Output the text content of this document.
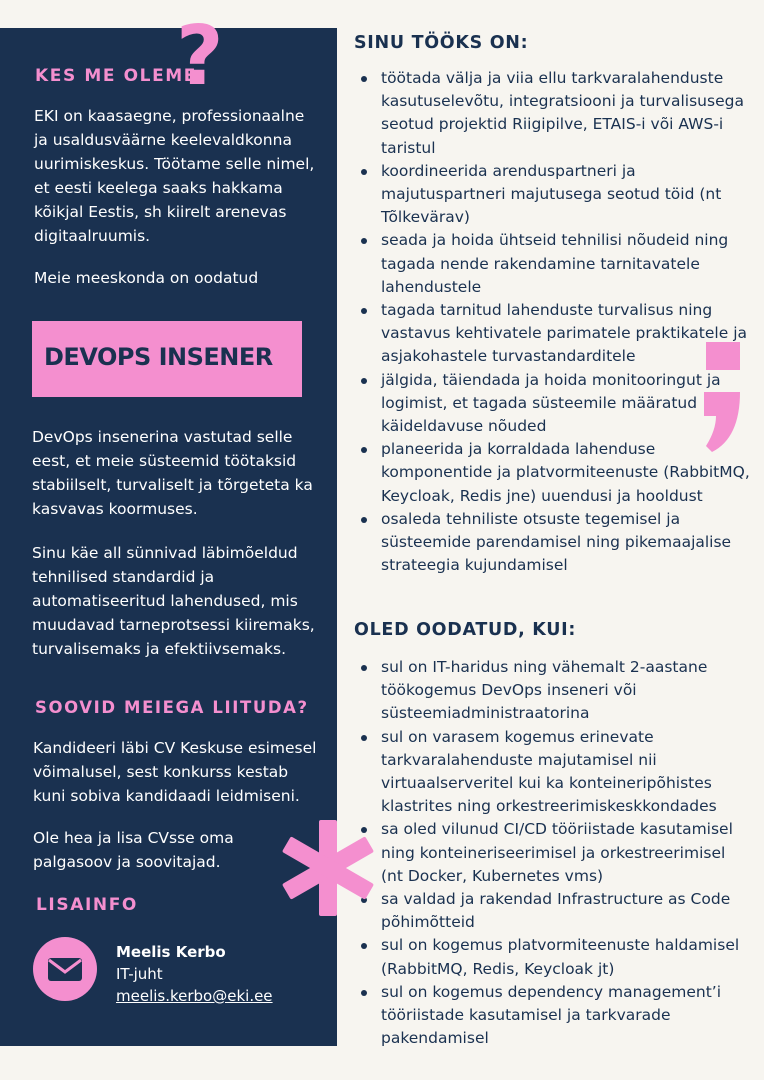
KES ME OLEME
?
EKI on kaasaegne, professionaalne ja usaldusväärne keelevaldkonna uurimiskeskus. Töötame selle nimel, et eesti keelega saaks hakkama kõikjal Eestis, sh kiirelt arenevas digitaalruumis.
Meie meeskonda on oodatud
DEVOPS INSENER
DevOps insenerina vastutad selle eest, et meie süsteemid töötaksid stabiilselt, turvaliselt ja tõrgeteta ka kasvavas koormuses.
Sinu käe all sünnivad läbimõeldud tehnilised standardid ja automatiseeritud lahendused, mis muudavad tarneprotsessi kiiremaks, turvalisemaks ja efektiivsemaks.
SOOVID MEIEGA LIITUDA?
Kandideeri läbi CV Keskuse esimesel võimalusel, sest konkurss kestab kuni sobiva kandidaadi leidmiseni.
Ole hea ja lisa CVsse oma palgasoov ja soovitajad.
LISAINFO
Meelis Kerbo
IT-juht
meelis.kerbo@eki.ee
SINU TÖÖKS ON:
töötada välja ja viia ellu tarkvaralahenduste kasutuselevõtu, integratsiooni ja turvalisusega seotud projektid Riigipilve, ETAIS-i või AWS-i taristul
koordineerida arenduspartneri ja majutuspartneri majutusega seotud töid (nt Tõlkevärav)
seada ja hoida ühtseid tehnilisi nõudeid ning tagada nende rakendamine tarnitavatele lahendustele
tagada tarnitud lahenduste turvalisus ning vastavus kehtivatele parimatele praktikatele ja asjakohastele turvastandarditele
jälgida, täiendada ja hoida monitooringut ja logimist, et tagada süsteemile määratud käideldavuse nõuded
planeerida ja korraldada lahenduse komponentide ja platvormiteenuste (RabbitMQ, Keycloak, Redis jne) uuendusi ja hooldust
osaleda tehniliste otsuste tegemisel ja süsteemide parendamisel ning pikemaajalise strateegia kujundamisel
OLED OODATUD, KUI:
sul on IT-haridus ning vähemalt 2-aastane töökogemus DevOps inseneri või süsteemiadministraatorina
sul on varasem kogemus erinevate tarkvaralahenduste majutamisel nii virtuaalserveritel kui ka konteineripõhistes klastrites ning orkestreerimiskeskkondades
sa oled vilunud CI/CD tööriistade kasutamisel ning konteineriseerimisel ja orkestreerimisel (nt Docker, Kubernetes vms)
sa valdad ja rakendad Infrastructure as Code põhimõtteid
sul on kogemus platvormiteenuste haldamisel (RabbitMQ, Redis, Keycloak jt)
sul on kogemus dependency management’i tööriistade kasutamisel ja tarkvarade pakendamisel
